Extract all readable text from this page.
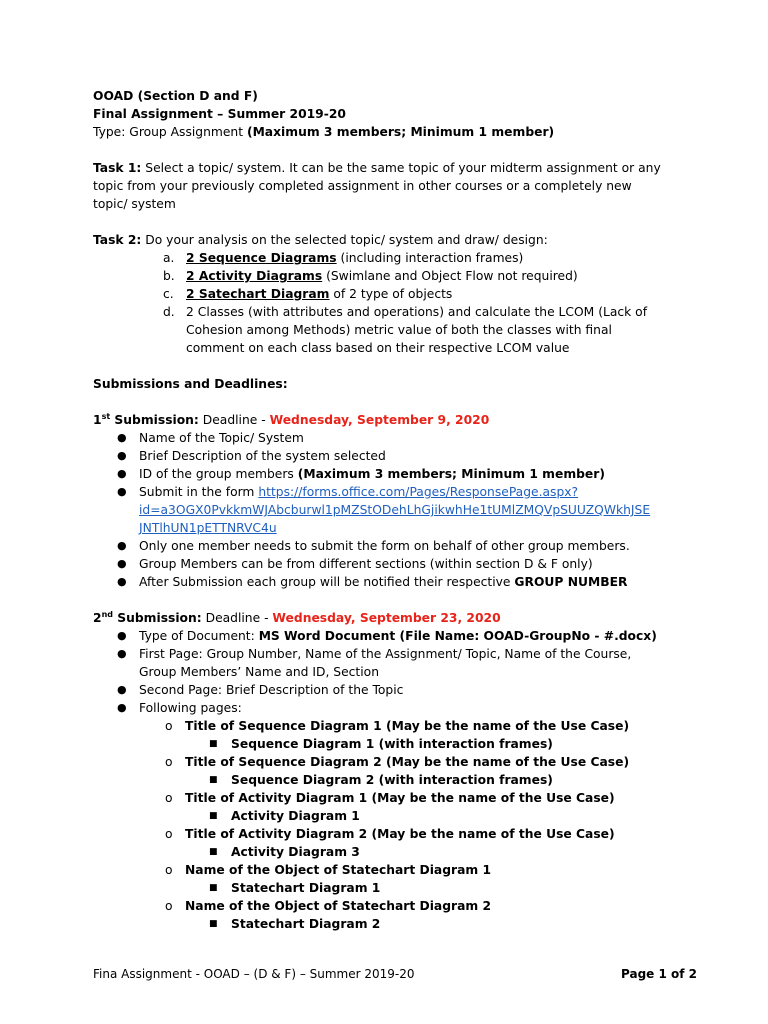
OOAD (Section D and F)
Final Assignment – Summer 2019-20
Type: Group Assignment (Maximum 3 members; Minimum 1 member)
Task 1: Select a topic/ system. It can be the same topic of your midterm assignment or any
topic from your previously completed assignment in other courses or a completely new
topic/ system
Task 2: Do your analysis on the selected topic/ system and draw/ design:
a. 2 Sequence Diagrams (including interaction frames)
b. 2 Activity Diagrams (Swimlane and Object Flow not required)
c. 2 Satechart Diagram of 2 type of objects
d. 2 Classes (with attributes and operations) and calculate the LCOM (Lack of
Cohesion among Methods) metric value of both the classes with final
comment on each class based on their respective LCOM value
Submissions and Deadlines:
1st Submission: Deadline - Wednesday, September 9, 2020
● Name of the Topic/ System
● Brief Description of the system selected
● ID of the group members (Maximum 3 members; Minimum 1 member)
● Submit in the form https://forms.office.com/Pages/ResponsePage.aspx?
id=a3OGX0PvkkmWJAbcburwl1pMZStODehLhGjikwhHe1tUMlZMQVpSUUZQWkhJSE
JNTlhUN1pETTNRVC4u
● Only one member needs to submit the form on behalf of other group members.
● Group Members can be from different sections (within section D & F only)
● After Submission each group will be notified their respective GROUP NUMBER
2nd Submission: Deadline - Wednesday, September 23, 2020
● Type of Document: MS Word Document (File Name: OOAD-GroupNo - #.docx)
● First Page: Group Number, Name of the Assignment/ Topic, Name of the Course,
Group Members’ Name and ID, Section
● Second Page: Brief Description of the Topic
● Following pages:
o Title of Sequence Diagram 1 (May be the name of the Use Case)
■ Sequence Diagram 1 (with interaction frames)
o Title of Sequence Diagram 2 (May be the name of the Use Case)
■ Sequence Diagram 2 (with interaction frames)
o Title of Activity Diagram 1 (May be the name of the Use Case)
■ Activity Diagram 1
o Title of Activity Diagram 2 (May be the name of the Use Case)
■ Activity Diagram 3
o Name of the Object of Statechart Diagram 1
■ Statechart Diagram 1
o Name of the Object of Statechart Diagram 2
■ Statechart Diagram 2
Fina Assignment - OOAD – (D & F) – Summer 2019-20	Page 1 of 2
